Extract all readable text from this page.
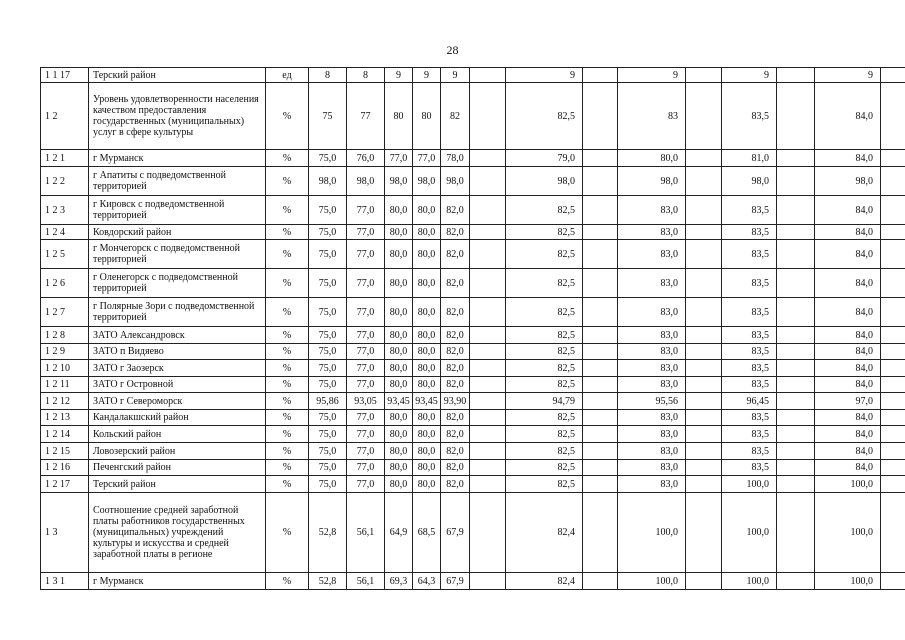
28
1 1 17	Терский район	ед	8	8	9	9	9		9		9		9		9		
1 2	Уровень удовлетворенности населения качеством предоставления государственных (муниципальных) услуг в сфере культуры	%	75	77	80	80	82		82,5		83		83,5		84,0		
1 2 1	г Мурманск	%	75,0	76,0	77,0	77,0	78,0		79,0		80,0		81,0		84,0		
1 2 2	г Апатиты с подведомственной территорией	%	98,0	98,0	98,0	98,0	98,0		98,0		98,0		98,0		98,0		
1 2 3	г Кировск с подведомственной территорией	%	75,0	77,0	80,0	80,0	82,0		82,5		83,0		83,5		84,0		
1 2 4	Ковдорский район	%	75,0	77,0	80,0	80,0	82,0		82,5		83,0		83,5		84,0		
1 2 5	г Мончегорск с подведомственной территорией	%	75,0	77,0	80,0	80,0	82,0		82,5		83,0		83,5		84,0		
1 2 6	г Оленегорск с подведомственной территорией	%	75,0	77,0	80,0	80,0	82,0		82,5		83,0		83,5		84,0		
1 2 7	г Полярные Зори с подведомственной территорией	%	75,0	77,0	80,0	80,0	82,0		82,5		83,0		83,5		84,0		
1 2 8	ЗАТО Александровск	%	75,0	77,0	80,0	80,0	82,0		82,5		83,0		83,5		84,0		
1 2 9	ЗАТО п Видяево	%	75,0	77,0	80,0	80,0	82,0		82,5		83,0		83,5		84,0		
1 2 10	ЗАТО г Заозерск	%	75,0	77,0	80,0	80,0	82,0		82,5		83,0		83,5		84,0		
1 2 11	ЗАТО г Островной	%	75,0	77,0	80,0	80,0	82,0		82,5		83,0		83,5		84,0		
1 2 12	ЗАТО г Североморск	%	95,86	93,05	93,45	93,45	93,90		94,79		95,56		96,45		97,0		
1 2 13	Кандалакшский район	%	75,0	77,0	80,0	80,0	82,0		82,5		83,0		83,5		84,0		
1 2 14	Кольский район	%	75,0	77,0	80,0	80,0	82,0		82,5		83,0		83,5		84,0		
1 2 15	Ловозерский район	%	75,0	77,0	80,0	80,0	82,0		82,5		83,0		83,5		84,0		
1 2 16	Печенгский район	%	75,0	77,0	80,0	80,0	82,0		82,5		83,0		83,5		84,0		
1 2 17	Терский район	%	75,0	77,0	80,0	80,0	82,0		82,5		83,0		100,0		100,0		
1 3	Соотношение средней заработной платы работников государственных (муниципальных) учреждений культуры и искусства и средней заработной платы в регионе	%	52,8	56,1	64,9	68,5	67,9		82,4		100,0		100,0		100,0		
1 3 1	г Мурманск	%	52,8	56,1	69,3	64,3	67,9		82,4		100,0		100,0		100,0		
